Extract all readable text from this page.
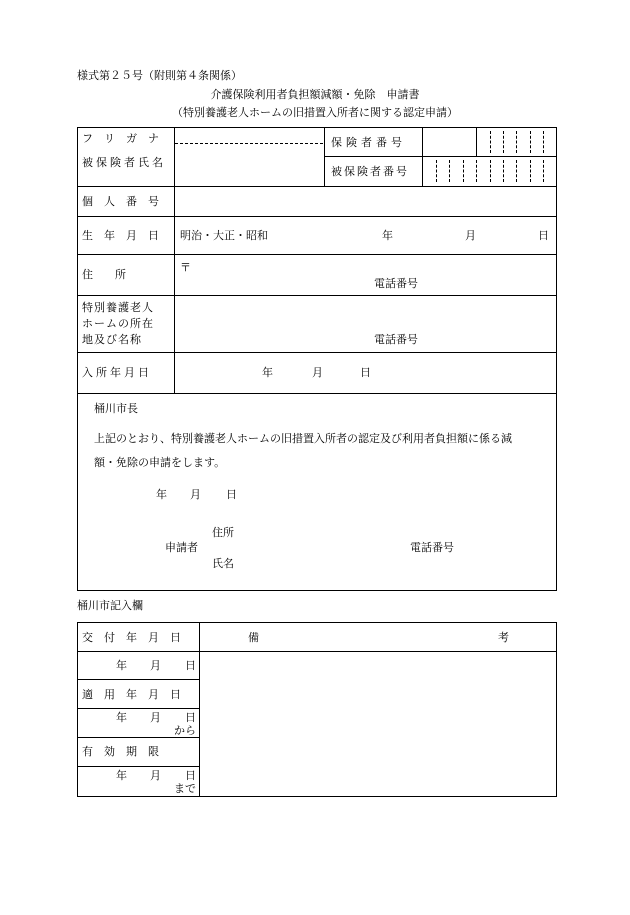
様式第２５号（附則第４条関係）
介護保険利用者負担額減額・免除　申請書
（特別養護老人ホームの旧措置入所者に関する認定申請）
フ　リ　ガ　ナ
被保険者氏名
保険者番号
被保険者番号
個　人　番　号
生　年　月　日 明治・大正・昭和	年	月	日
住　　所
〒
電話番号
特別養護老人
ホームの所在
地及び名称	電話番号
入所年月日	年	月	日
桶川市長
上記のとおり、特別養護老人ホームの旧措置入所者の認定及び利用者負担額に係る減
額・免除の申請をします。
年 月 日
住所
申請者	電話番号
氏名
桶川市記入欄
交　付　年　月　日	備	考
年 月 日
適　用　年　月　日
年 月 日
から
有　効　期　限
年 月 日
まで
